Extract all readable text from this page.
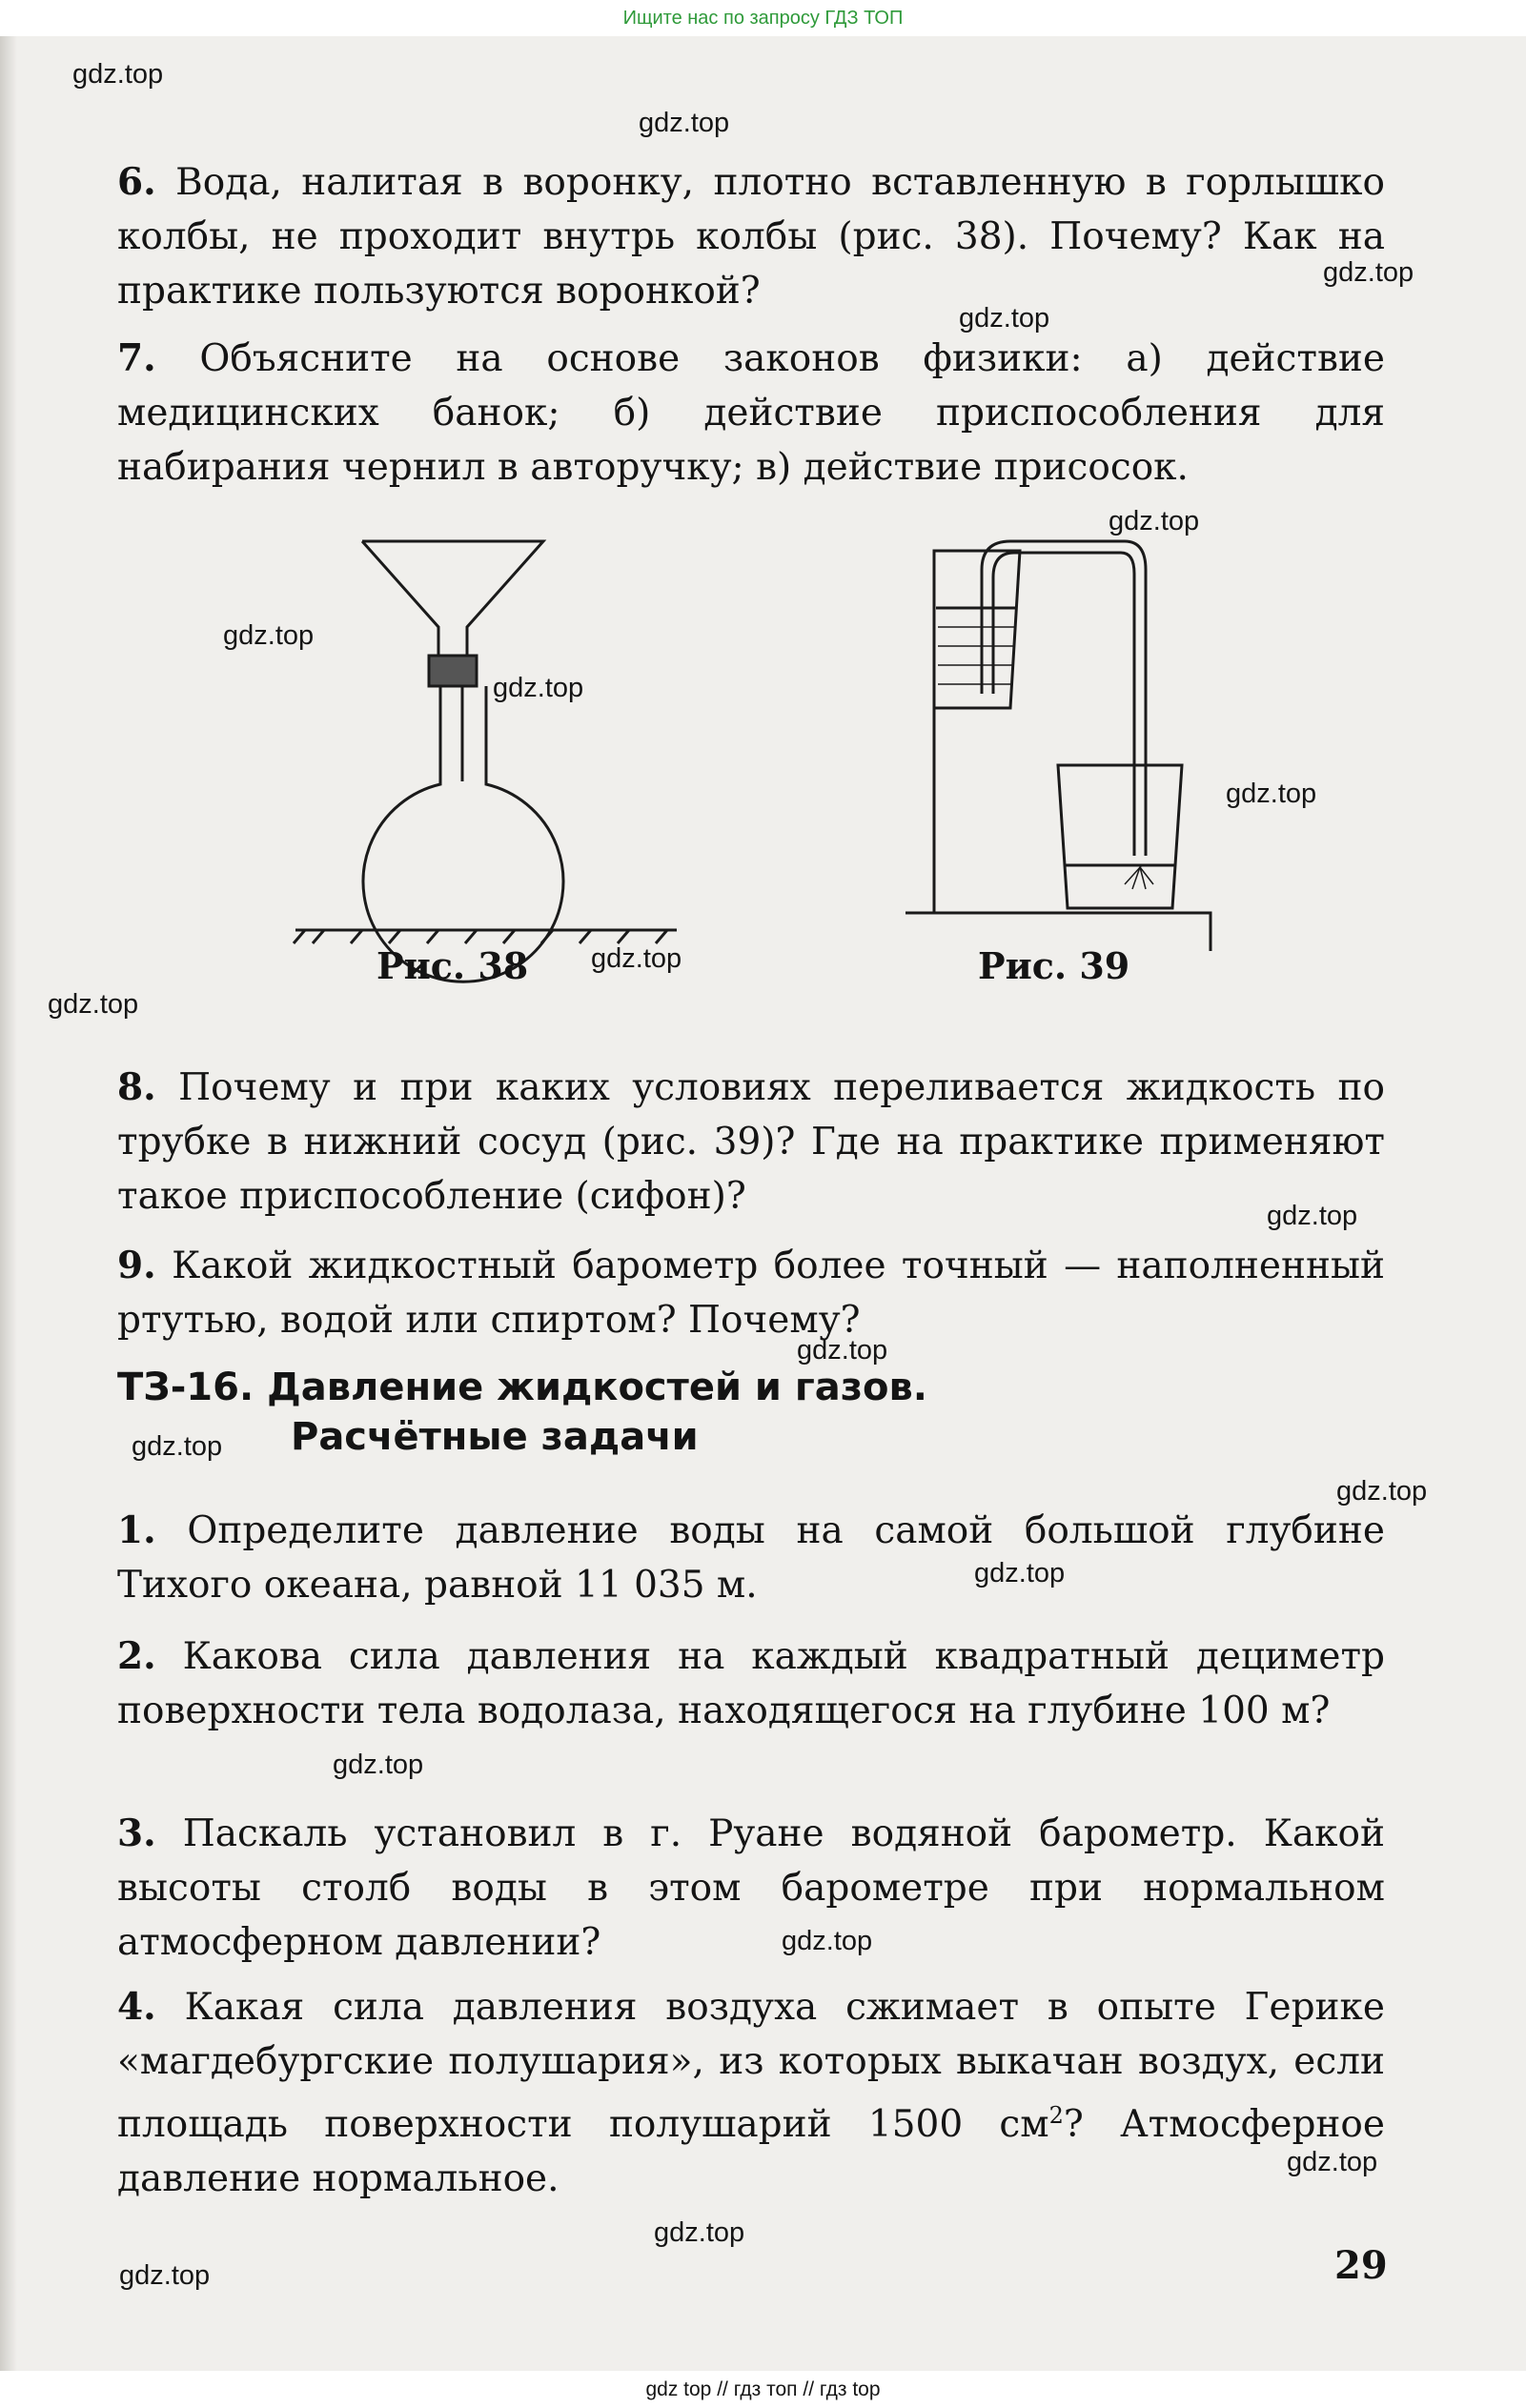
Ищите нас по запросу ГДЗ ТОП
gdz.top
gdz.top
gdz.top
gdz.top
gdz.top
gdz.top
gdz.top
gdz.top
gdz.top
gdz.top
gdz.top
gdz.top
gdz.top
gdz.top
gdz.top
gdz.top
gdz.top
gdz.top
gdz.top
gdz.top
6. Вода, налитая в воронку, плотно вставленную в горлышко колбы, не проходит внутрь колбы (рис. 38). Почему? Как на практике пользуются воронкой?
7. Объясните на основе законов физики: а) действие медицинских банок; б) действие приспособления для набирания чернил в авторучку; в) действие присосок.
Рис. 38	Рис. 39
8. Почему и при каких условиях переливается жидкость по трубке в нижний сосуд (рис. 39)? Где на практике применяют такое приспособление (сифон)?
9. Какой жидкостный барометр более точный — наполненный ртутью, водой или спиртом? Почему?
ТЗ-16. Давление жидкостей и газов.
Расчётные задачи
1. Определите давление воды на самой большой глубине Тихого океана, равной 11 035 м.
2. Какова сила давления на каждый квадратный дециметр поверхности тела водолаза, находящегося на глубине 100 м?
3. Паскаль установил в г. Руане водяной барометр. Какой высоты столб воды в этом барометре при нормальном атмосферном давлении?
4. Какая сила давления воздуха сжимает в опыте Герике «магдебургские полушария», из которых выкачан воздух, если площадь поверхности полушарий 1500 $см^2$? Атмосферное давление нормальное.
29
gdz top // гдз топ // гдз top
